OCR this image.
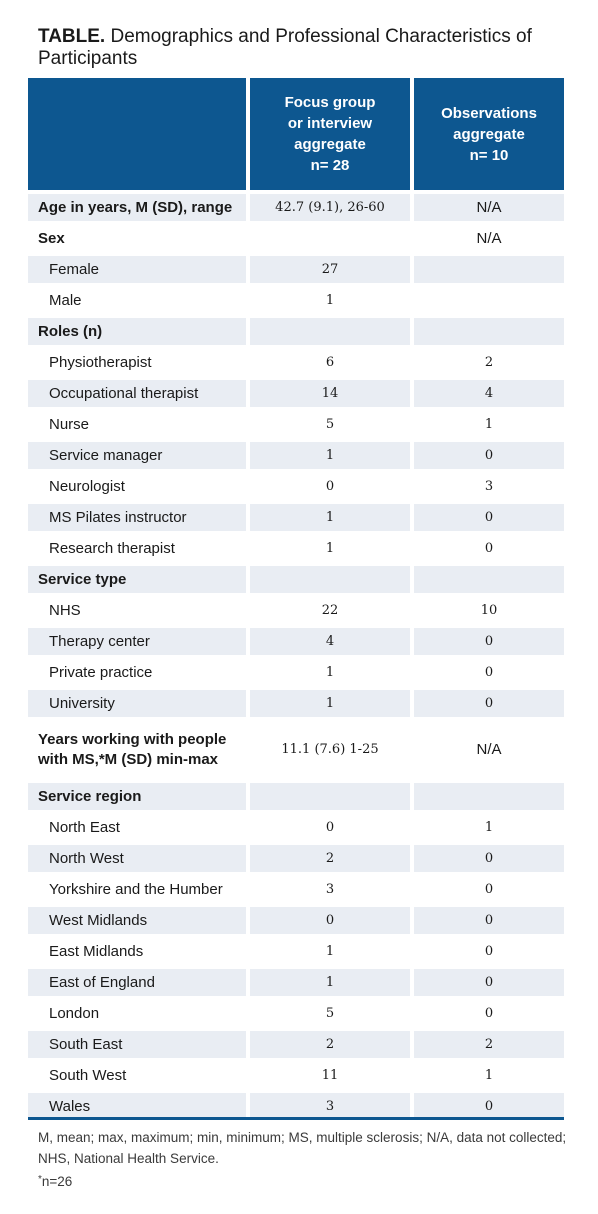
TABLE. Demographics and Professional Characteristics of Participants

	Focus group
or interview
aggregate
n= 28	Observations
aggregate
n= 10

Age in years, M (SD), range	42.7 (9.1), 26-60	N/A
Sex		N/A
Female	27	
Male	1	
Roles (n)		
Physiotherapist	6	2
Occupational therapist	14	4
Nurse	5	1
Service manager	1	0
Neurologist	0	3
MS Pilates instructor	1	0
Research therapist	1	0
Service type		
NHS	22	10
Therapy center	4	0
Private practice	1	0
University	1	0

Years working with people
with MS,*M (SD) min-max	11.1 (7.6) 1-25	N/A
Service region		
North East	0	1
North West	2	0
Yorkshire and the Humber	3	0
West Midlands	0	0
East Midlands	1	0
East of England	1	0
London	5	0
South East	2	2
South West	11	1
Wales	3	0
M, mean; max, maximum; min, minimum; MS, multiple sclerosis; N/A, data not collected; NHS, National Health Service.
*n=26
